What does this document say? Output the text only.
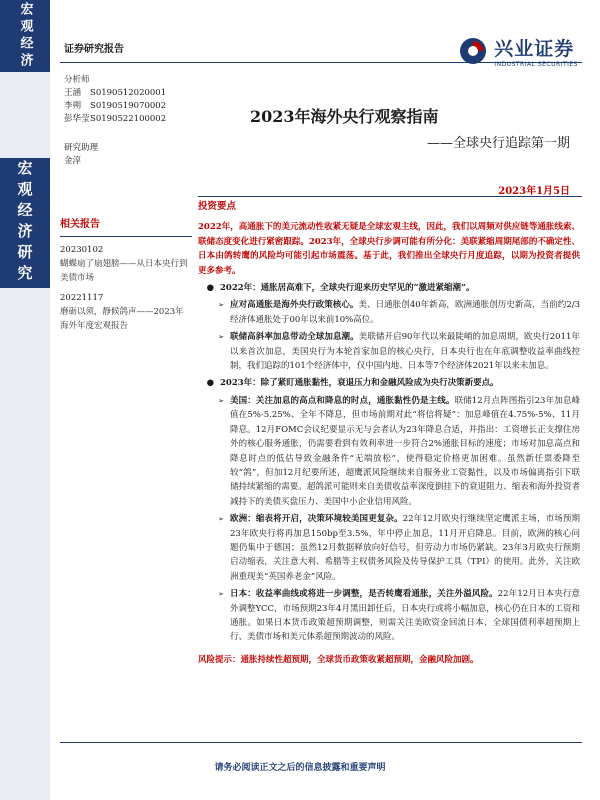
宏观经济
宏观经济研究
证券研究报告	兴业证券
INDUSTRIAL SECURITIES
分析师
王涵	S0190512020001
李朔	S0190519070002
彭华莹 S0190522100002
研究助理
金淳
2023年海外央行观察指南
——全球央行追踪第一期
2023年1月5日
相关报告
20230102
蝴蝶扇了扇翅膀——从日本央行到美债市场
20221117
磨砺以须，静候鸽声——2023年海外年度宏观报告
投资要点
2022年，高通胀下的美元流动性收紧无疑是全球宏观主线，因此，我们以周频对供应链等通胀线索、联储态度变化进行紧密跟踪。2023年，全球央行步调可能有所分化：美联紧缩周期尾部的不确定性、日本由鸽转鹰的风险均可能引起市场震荡。基于此，我们推出全球央行月度追踪，以期为投资者提供更多参考。
● 2022年：通胀居高难下，全球央行迎来历史罕见的“激进紧缩潮”。
➢ 应对高通胀是海外央行政策核心。美、日通胀创40年新高，欧洲通胀创历史新高，当前约2/3经济体通胀处于00年以来前10%高位。
➢ 联储高斜率加息带动全球加息潮。美联储开启90年代以来最陡峭的加息周期，欧央行2011年以来首次加息，美国央行为本轮首家加息的核心央行，日本央行也在年底调整收益率曲线控制，我们追踪的101个经济体中，仅中国内地、日本等7个经济体2021年以来未加息。
● 2023年：除了紧盯通胀黏性，衰退压力和金融风险成为央行决策新要点。
➢ 美国：关注加息的高点和降息的时点，通胀黏性仍是主线。联储12月点阵图指引23年加息峰值在5%-5.25%、全年不降息，但市场前期对此“将信将疑”：加息峰值在4.75%-5%、11月降息。12月FOMC会议纪要显示无与会者认为23年降息合适，并指出：工资增长正支撑住房外的核心服务通胀，仍需要看到有效利率进一步符合2%通胀目标的速度；市场对加息高点和降息时点的低估导致金融条件“无端放松”，使得稳定价格更加困难。虽然新任票委降至较“鸽”，但加12月纪要所述，超鹰派风险继续来自服务业工资黏性，以及市场偏离指引下联储持续紧缩的需要。超鸽派可能则来自美债收益率深度倒挂下的衰退阻力、缩表和海外投资者减持下的美债买盘压力、美国中小企业信用风险。
➢ 欧洲：缩表将开启，决策环境较美国更复杂。22年12月欧央行继续坚定鹰派主场，市场预期23年欧央行将再加息150bp至3.5%，年中停止加息，11月开启降息。目前，欧洲的核心问题仍集中于德国；虽然12月数据释放向好信号，但劳动力市场仍紧缺。23年3月欧央行预期启动缩表，关注意大利、希腊等主权债务风险及传导保护工具（TPI）的使用。此外，关注欧洲重现美“英国养老金”风险。
➢ 日本：收益率曲线或将进一步调整，是否转鹰看通胀，关注外溢风险。22年12月日本央行意外调整YCC，市场预期23年4月黑田卸任后，日本央行或将小幅加息，核心仍在日本的工资和通胀。如果日本货币政策超预期调整，则需关注美欧资金回流日本、全球国债利率超预期上行、美债市场和美元体系超预期波动的风险。
风险提示：通胀持续性超预期，全球货币政策收紧超预期，金融风险加剧。
请务必阅读正文之后的信息披露和重要声明
